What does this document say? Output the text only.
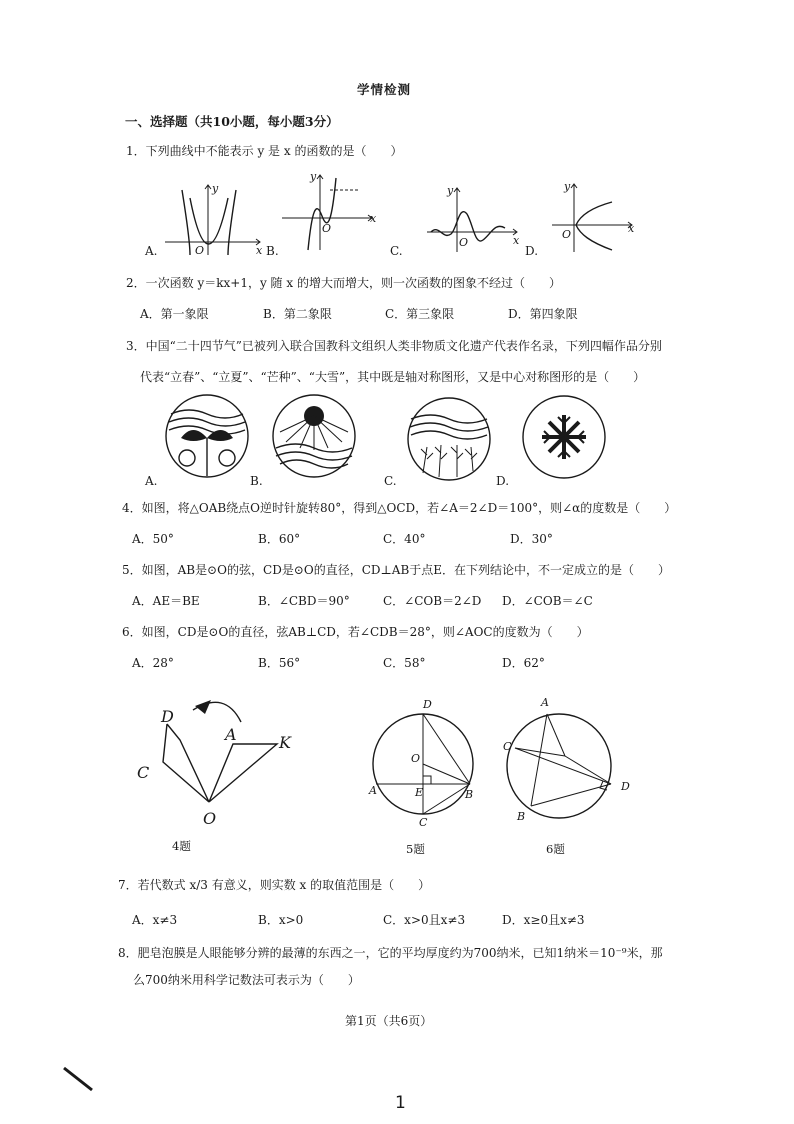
学情检测
一、选择题（共10小题，每小题3分）
1．下列曲线中不能表示 y 是 x 的函数的是（　　）
y
x
O
y
x
O
y
x
O
y
x
O
A.	B.	C.	D.
2．一次函数 y＝kx+1，y 随 x 的增大而增大，则一次函数的图象不经过（　　）
A．第一象限	B．第二象限	C．第三象限	D．第四象限
3．中国“二十四节气”已被列入联合国教科文组织人类非物质文化遗产代表作名录，下列四幅作品分别
代表“立春”、“立夏”、“芒种”、“大雪”，其中既是轴对称图形，又是中心对称图形的是（　　）
A.	B.	C.	D.
4．如图，将△OAB绕点O逆时针旋转80°，得到△OCD，若∠A＝2∠D＝100°，则∠α的度数是（　　）
A．50°	B．60°	C．40°	D．30°
5．如图，AB是⊙O的弦，CD是⊙O的直径，CD⊥AB于点E．在下列结论中，不一定成立的是（　　）
A．AE＝BE	B．∠CBD＝90°	C．∠COB＝2∠D D．∠COB＝∠C
6．如图，CD是⊙O的直径，弦AB⊥CD，若∠CDB＝28°，则∠AOC的度数为（　　）
A．28°	B．56°	C．58°	D．62°
D
A	K
C
O
D
O
A	E	B
C
A
C
D
B
4题	5题	6题
7．若代数式 x/3 有意义，则实数 x 的取值范围是（　　）
A．x≠3	B．x>0	C．x>0且x≠3	D．x≥0且x≠3
8．肥皂泡膜是人眼能够分辨的最薄的东西之一，它的平均厚度约为700纳米，已知1纳米＝10⁻⁹米，那
么700纳米用科学记数法可表示为（　　）
第1页（共6页）
1
